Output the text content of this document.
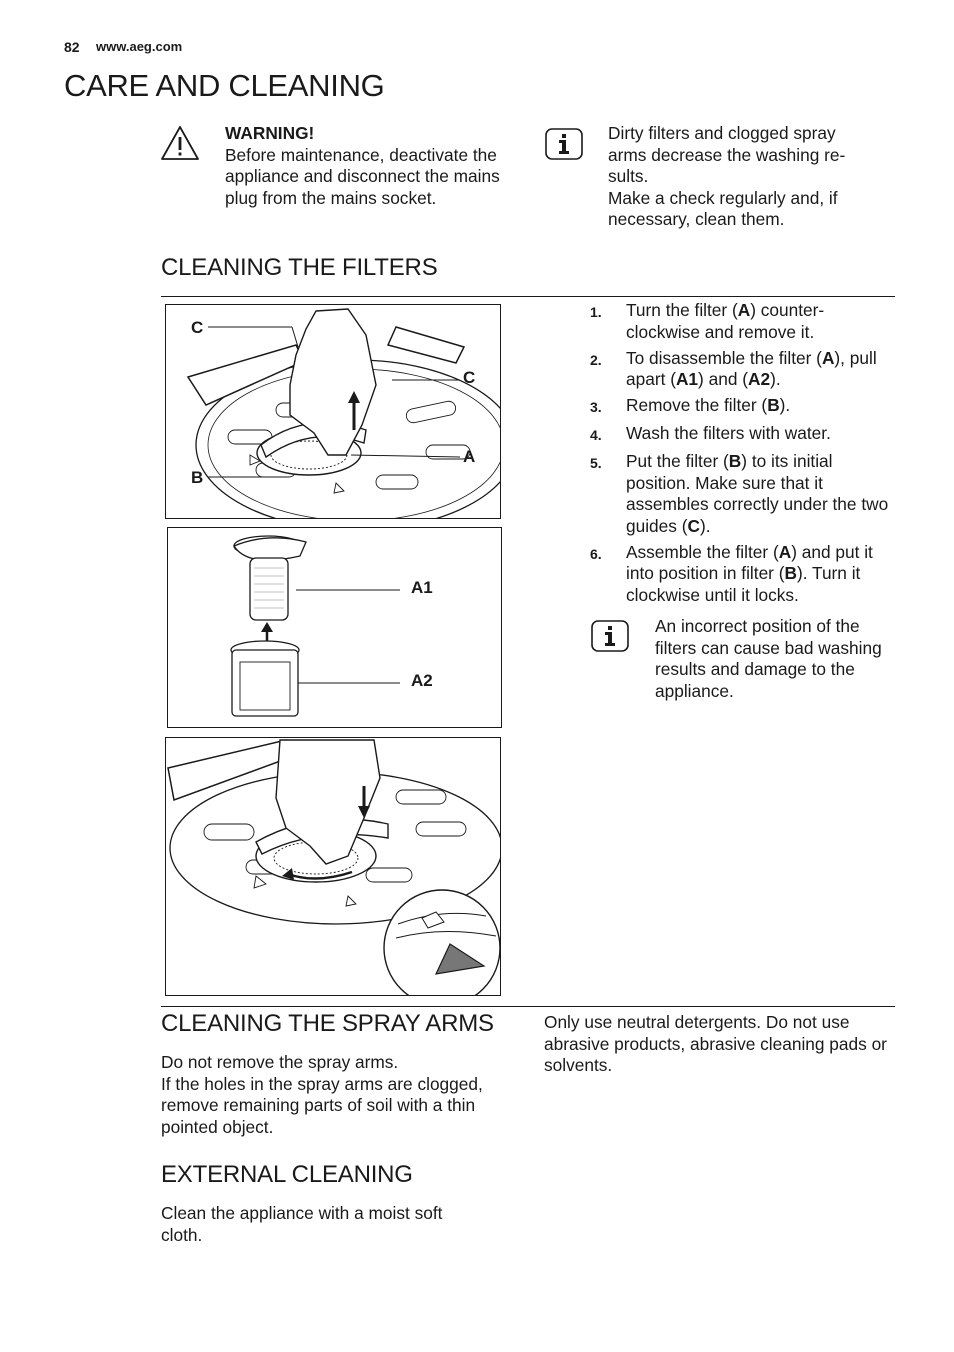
82 www.aeg.com
CARE AND CLEANING
WARNING!
Before maintenance, deactivate the appliance and disconnect the mains plug from the mains socket.
Dirty filters and clogged spray
arms decrease the washing re-
sults.
Make a check regularly and, if
necessary, clean them.
CLEANING THE FILTERS
C
C
A
B
A1
A2
1.	Turn the filter (A) counter-clockwise and remove it.
2.	To disassemble the filter (A), pull apart (A1) and (A2).
3.	Remove the filter (B).
4.	Wash the filters with water.
5.	Put the filter (B) to its initial position. Make sure that it assembles correctly under the two guides (C).
6.	Assemble the filter (A) and put it into position in filter (B). Turn it clockwise until it locks.
An incorrect position of the filters can cause bad washing results and damage to the appliance.
CLEANING THE SPRAY ARMS
Do not remove the spray arms.
If the holes in the spray arms are clogged, remove remaining parts of soil with a thin pointed object.
Only use neutral detergents. Do not use abrasive products, abrasive cleaning pads or solvents.
EXTERNAL CLEANING
Clean the appliance with a moist soft cloth.
